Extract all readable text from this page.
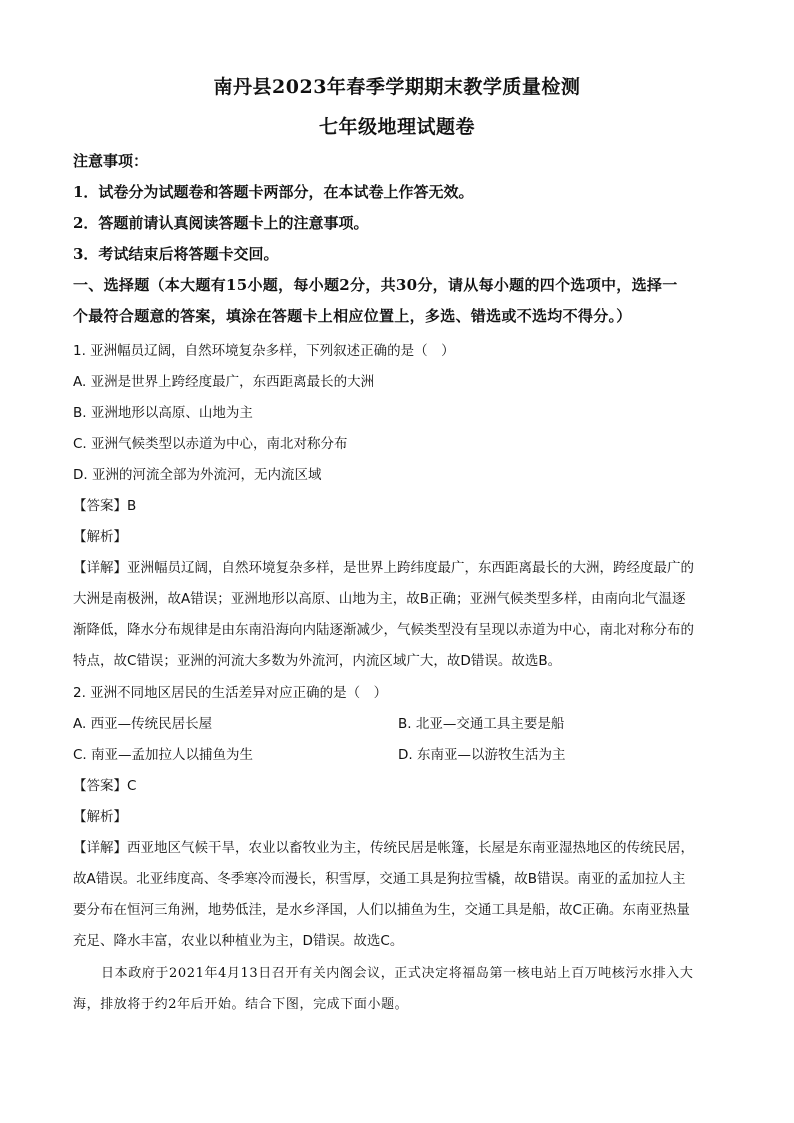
南丹县2023年春季学期期末教学质量检测
七年级地理试题卷
注意事项：
1．试卷分为试题卷和答题卡两部分，在本试卷上作答无效。
2．答题前请认真阅读答题卡上的注意事项。
3．考试结束后将答题卡交回。
一、选择题（本大题有15小题，每小题2分，共30分，请从每小题的四个选项中，选择一
个最符合题意的答案，填涂在答题卡上相应位置上，多选、错选或不选均不得分。）
1. 亚洲幅员辽阔，自然环境复杂多样，下列叙述正确的是（　）
A. 亚洲是世界上跨经度最广，东西距离最长的大洲
B. 亚洲地形以高原、山地为主
C. 亚洲气候类型以赤道为中心，南北对称分布
D. 亚洲的河流全部为外流河，无内流区域
【答案】B
【解析】
【详解】亚洲幅员辽阔，自然环境复杂多样，是世界上跨纬度最广，东西距离最长的大洲，跨经度最广的
大洲是南极洲，故A错误；亚洲地形以高原、山地为主，故B正确；亚洲气候类型多样，由南向北气温逐
渐降低，降水分布规律是由东南沿海向内陆逐渐减少，气候类型没有呈现以赤道为中心，南北对称分布的
特点，故C错误；亚洲的河流大多数为外流河，内流区域广大，故D错误。故选B。
2. 亚洲不同地区居民的生活差异对应正确的是（　）
A. 西亚—传统民居长屋	B. 北亚—交通工具主要是船
C. 南亚—孟加拉人以捕鱼为生	D. 东南亚—以游牧生活为主
【答案】C
【解析】
【详解】西亚地区气候干旱，农业以畜牧业为主，传统民居是帐篷，长屋是东南亚湿热地区的传统民居，
故A错误。北亚纬度高、冬季寒冷而漫长，积雪厚，交通工具是狗拉雪橇，故B错误。南亚的孟加拉人主
要分布在恒河三角洲，地势低洼，是水乡泽国，人们以捕鱼为生，交通工具是船，故C正确。东南亚热量
充足、降水丰富，农业以种植业为主，D错误。故选C。
日本政府于2021年4月13日召开有关内阁会议，正式决定将福岛第一核电站上百万吨核污水排入大
海，排放将于约2年后开始。结合下图，完成下面小题。
